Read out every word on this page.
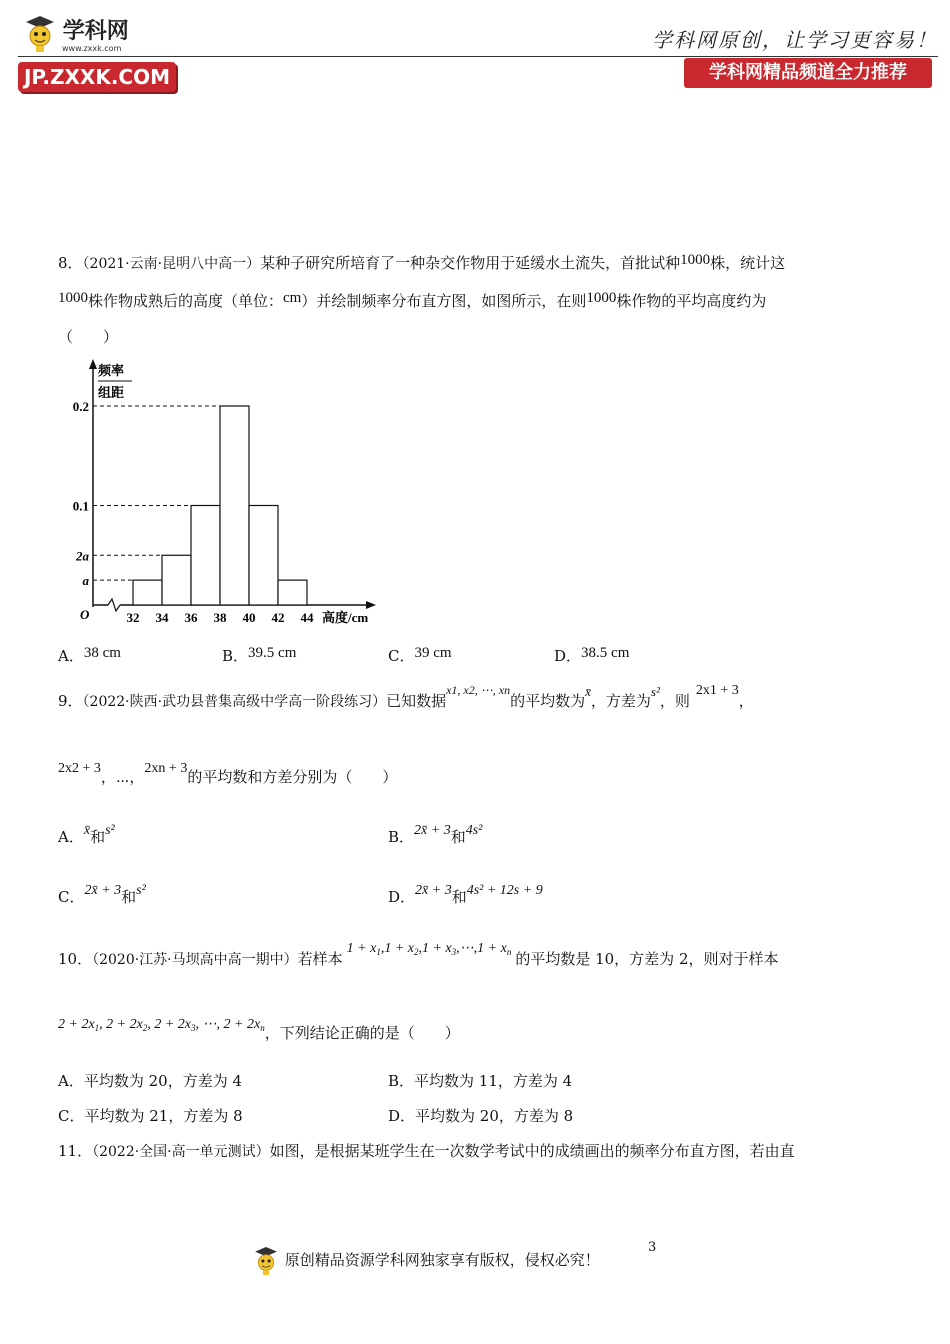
学科网
www.zxxk.com
JP.ZXXK.COM
学科网原创，让学习更容易！
学科网精品频道全力推荐
8．（2021·云南·昆明八中高一）某种子研究所培育了一种杂交作物用于延缓水土流失，首批试种1000株，统计这
1000株作物成熟后的高度（单位：cm）并绘制频率分布直方图，如图所示，在则1000株作物的平均高度约为
（　　）
频率
组距
O
0.2
0.1
2a
a
32 34 36 38 40 42 44 高度/cm
A．38 cm	B．39.5 cm	C．39 cm	D．38.5 cm
9．（2022·陕西·武功县普集高级中学高一阶段练习）已知数据$^{x1, x2, \cdots, xn}$的平均数为x̄，方差为s²，则2x1 + 3，
2x2 + 3，⋯，2xn + 3的平均数和方差分别为（　　）
A．x̄和s²	B．2x̄ + 3和4s²
C．2x̄ + 3和s²	D．2x̄ + 3和4s² + 12s + 9
10．（2020·江苏·马坝高中高一期中）若样本$1 + x_1,1 + x_2,1$ + $x_3,\cdots,1 + x_n$ 的平均数是 10，方差为 2，则对于样本
$2 + 2x_1$, $2 + 2x_2$, $2 + 2x_3$, ⋯, $2 + 2x_n$，下列结论正确的是（　　）
A．平均数为 20，方差为 4	B．平均数为 11，方差为 4
C．平均数为 21，方差为 8	D．平均数为 20，方差为 8
11．（2022·全国·高一单元测试）如图，是根据某班学生在一次数学考试中的成绩画出的频率分布直方图，若由直
原创精品资源学科网独家享有版权，侵权必究！
3
